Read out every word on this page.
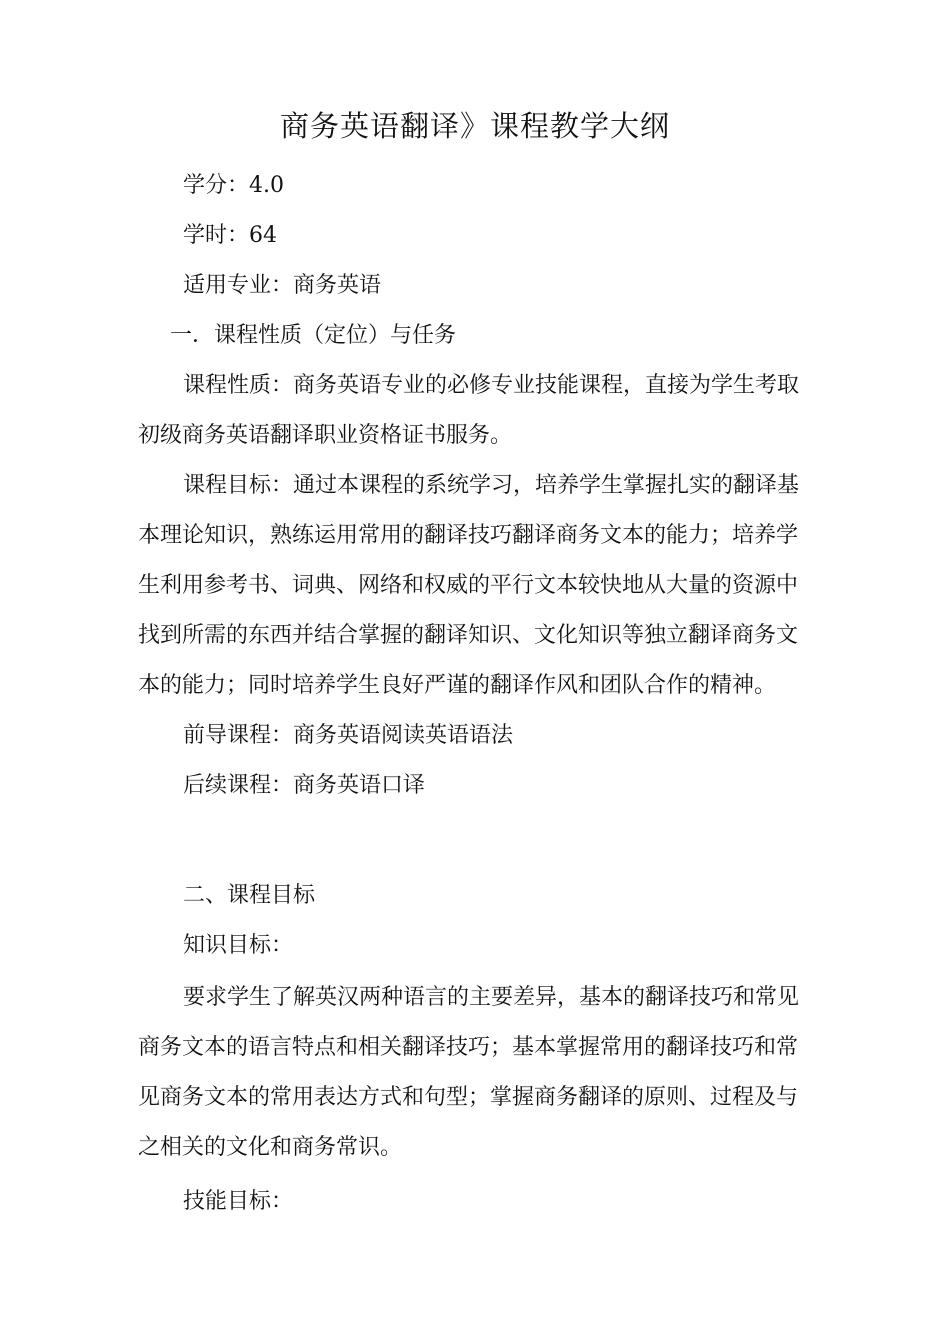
商务英语翻译》课程教学大纲
学分：4.0
学时：64
适用专业：商务英语
一．课程性质（定位）与任务
课程性质：商务英语专业的必修专业技能课程，直接为学生考取
初级商务英语翻译职业资格证书服务。
课程目标：通过本课程的系统学习，培养学生掌握扎实的翻译基
本理论知识，熟练运用常用的翻译技巧翻译商务文本的能力；培养学
生利用参考书、词典、网络和权威的平行文本较快地从大量的资源中
找到所需的东西并结合掌握的翻译知识、文化知识等独立翻译商务文
本的能力；同时培养学生良好严谨的翻译作风和团队合作的精神。
前导课程：商务英语阅读英语语法
后续课程：商务英语口译
二、课程目标
知识目标：
要求学生了解英汉两种语言的主要差异，基本的翻译技巧和常见
商务文本的语言特点和相关翻译技巧；基本掌握常用的翻译技巧和常
见商务文本的常用表达方式和句型；掌握商务翻译的原则、过程及与
之相关的文化和商务常识。
技能目标：
